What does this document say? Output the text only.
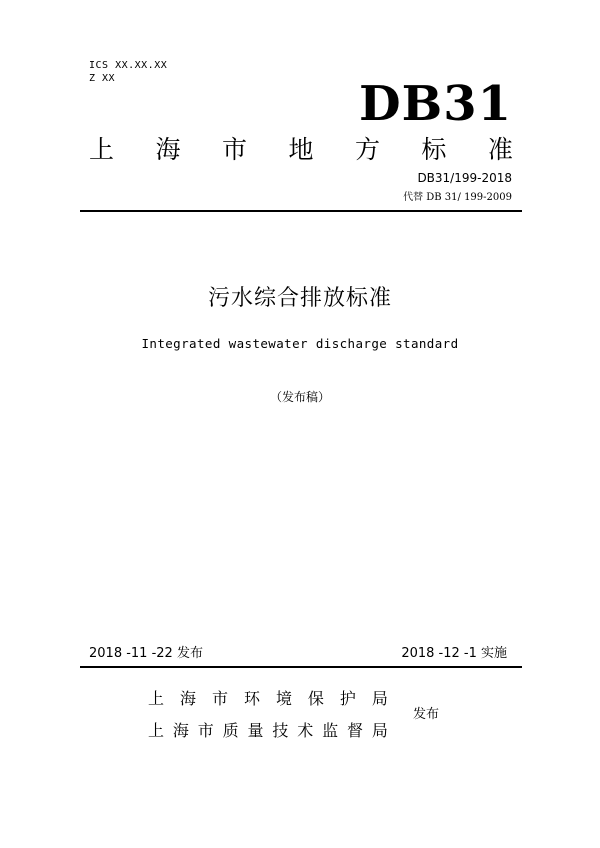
ICS XX.XX.XX
Z XX	DB31
上 海 市 地 方 标 准
DB31/199-2018
代替 DB 31/ 199-2009
污水综合排放标准
Integrated wastewater discharge standard
（发布稿）
2018 -11 -22 发布	2018 -12 -1 实施
上 海 市 环 境 保 护 局
上 海 市 质 量 技 术 监 督 局
发布
